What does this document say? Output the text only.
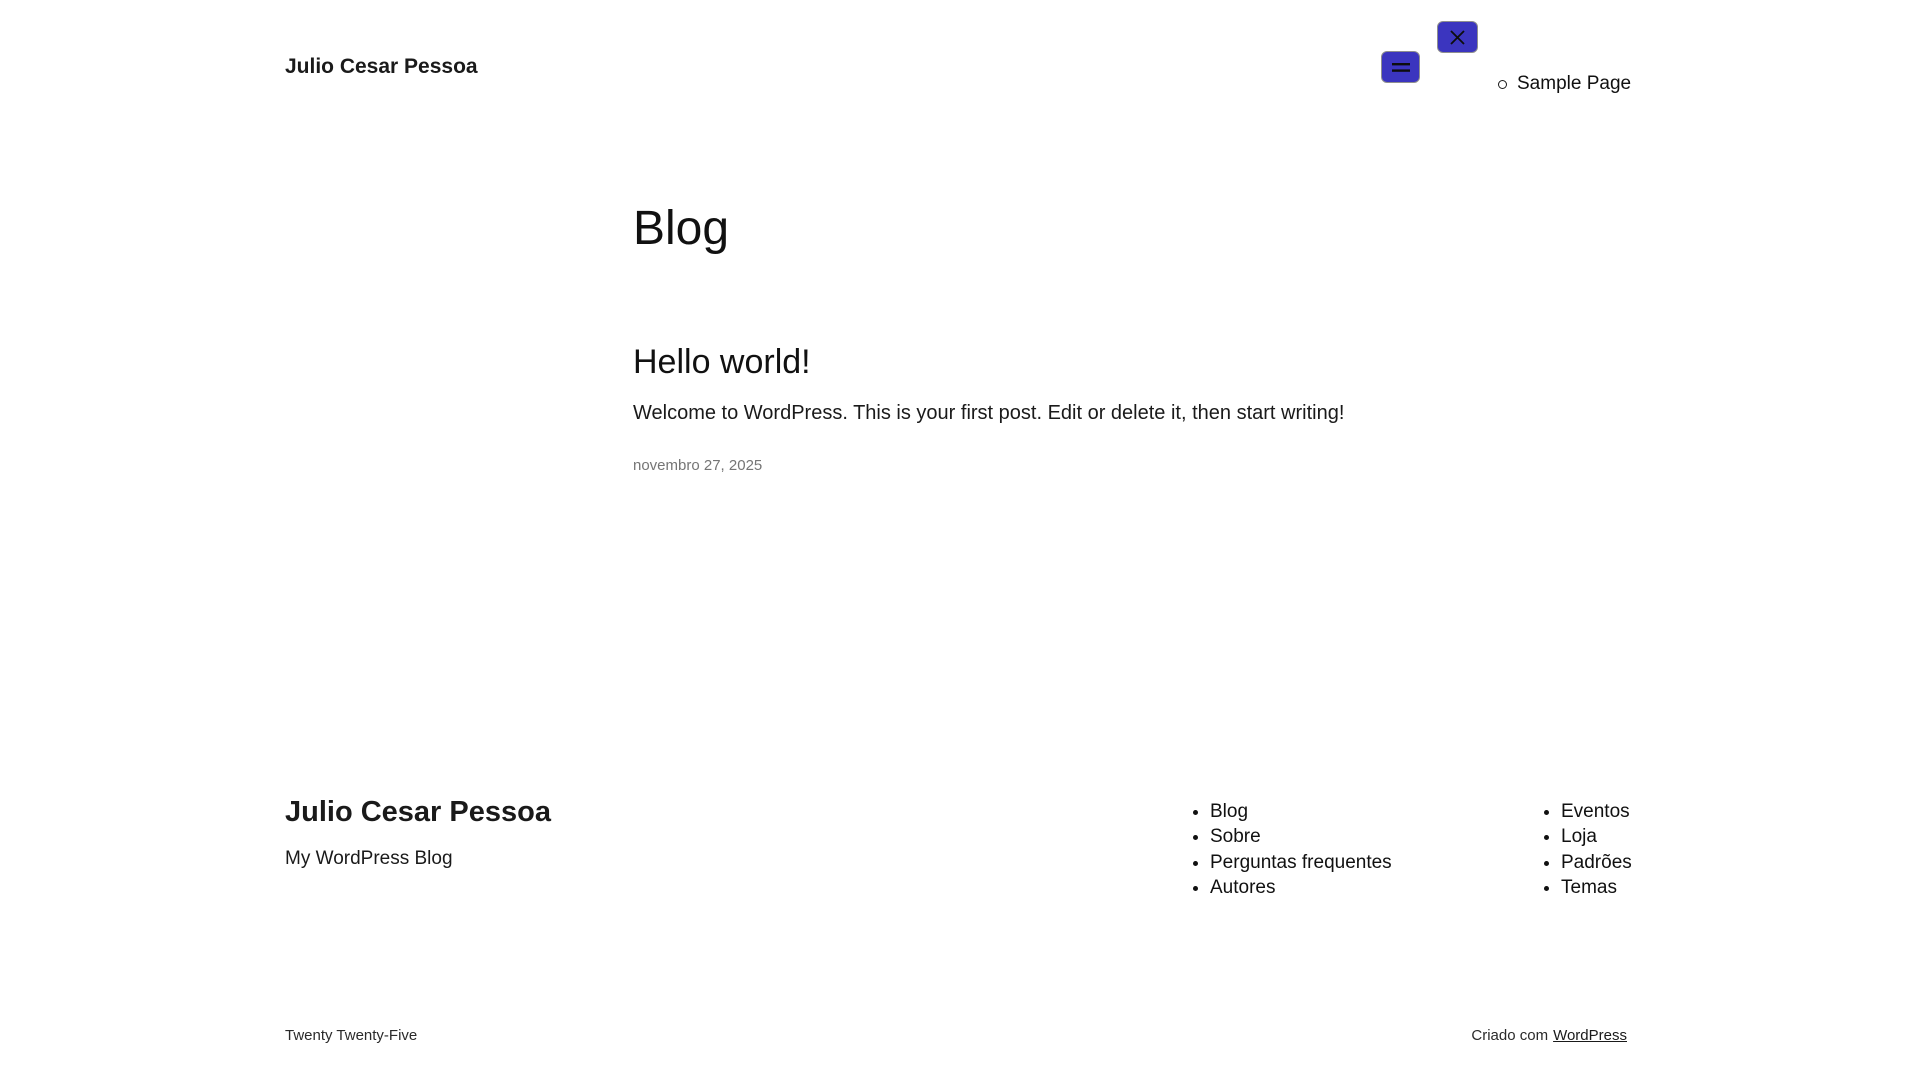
Julio Cesar Pessoa
Sample Page
Blog
Hello world!

Welcome to WordPress. This is your first post. Edit or delete it, then start writing!

novembro 27, 2025
Julio Cesar Pessoa
My WordPress Blog
• Blog
• Sobre
• Perguntas frequentes
• Autores
• Eventos
• Loja
• Padrões
• Temas
Twenty Twenty-Five	Criado com WordPress
